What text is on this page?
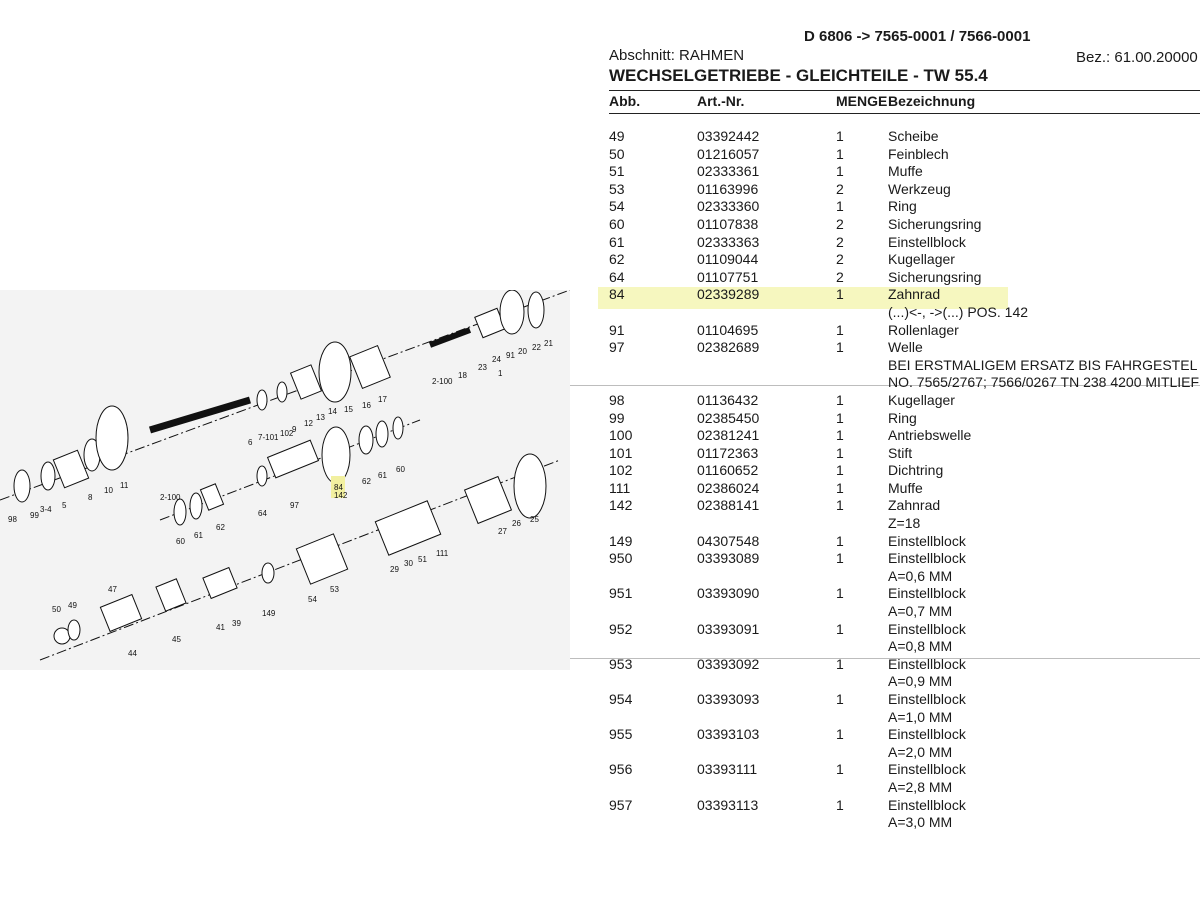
98 99
3-4 5
8
10
11
2-100
6
7-101 102
9
12
13
14 15 16
17
2-100
18
23
24 91 20 22 21
1
60
61
62
64
97
84
142
62
61
60
47
50 49
44
45
41 39
149
54
53
29
30 51
111
27
26 25
D 6806 -> 7565-0001 / 7566-0001
Abschnitt: RAHMEN	Bez.: 61.00.20000
WECHSELGETRIEBE - GLEICHTEILE - TW 55.4
Abb.	Art.-Nr.	MENGE Bezeichnung
49	03392442	1	Scheibe
50	01216057	1	Feinblech
51	02333361	1	Muffe
53	01163996	2	Werkzeug
54	02333360	1	Ring
60	01107838	2	Sicherungsring
61	02333363	2	Einstellblock
62	01109044	2	Kugellager
64	01107751	2	Sicherungsring
84	02339289	1	Zahnrad
(...)<-, ->(...) POS. 142
91	01104695	1	Rollenlager
97	02382689	1	Welle
BEI ERSTMALIGEM ERSATZ BIS FAHRGESTEL
NO. 7565/2767; 7566/0267 TN 238 4200 MITLIEF
98	01136432	1	Kugellager
99	02385450	1	Ring
100	02381241	1	Antriebswelle
101	01172363	1	Stift
102	01160652	1	Dichtring
111	02386024	1	Muffe
142	02388141	1	Zahnrad
Z=18
149	04307548	1	Einstellblock
950	03393089	1	Einstellblock
A=0,6 MM
951	03393090	1	Einstellblock
A=0,7 MM
952	03393091	1	Einstellblock
A=0,8 MM
953	03393092	1	Einstellblock
A=0,9 MM
954	03393093	1	Einstellblock
A=1,0 MM
955	03393103	1	Einstellblock
A=2,0 MM
956	03393111	1	Einstellblock
A=2,8 MM
957	03393113	1	Einstellblock
A=3,0 MM
